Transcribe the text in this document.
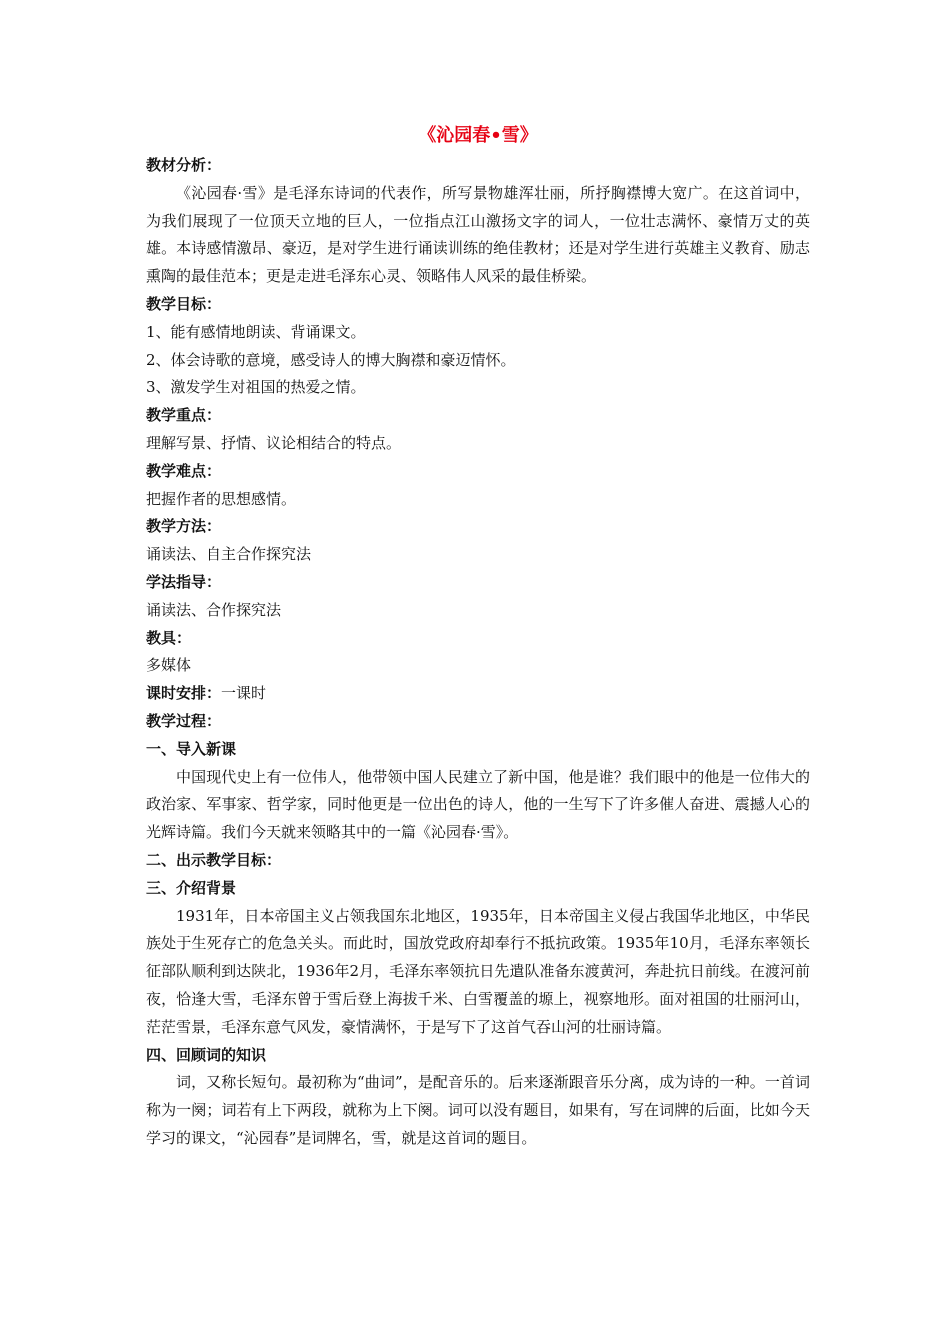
《沁园春•雪》
教材分析：

《沁园春·雪》是毛泽东诗词的代表作，所写景物雄浑壮丽，所抒胸襟博大宽广。在这首词中，为我们展现了一位顶天立地的巨人，一位指点江山激扬文字的词人，一位壮志满怀、豪情万丈的英雄。本诗感情激昂、豪迈，是对学生进行诵读训练的绝佳教材；还是对学生进行英雄主义教育、励志熏陶的最佳范本；更是走进毛泽东心灵、领略伟人风采的最佳桥梁。

教学目标：
1、能有感情地朗读、背诵课文。
2、体会诗歌的意境，感受诗人的博大胸襟和豪迈情怀。
3、激发学生对祖国的热爱之情。
教学重点：
理解写景、抒情、议论相结合的特点。
教学难点：
把握作者的思想感情。
教学方法：
诵读法、自主合作探究法
学法指导：
诵读法、合作探究法
教具：
多媒体
课时安排：一课时
教学过程：
一、导入新课

中国现代史上有一位伟人，他带领中国人民建立了新中国，他是谁？我们眼中的他是一位伟大的政治家、军事家、哲学家，同时他更是一位出色的诗人，他的一生写下了许多催人奋进、震撼人心的光辉诗篇。我们今天就来领略其中的一篇《沁园春·雪》。

二、出示教学目标：
三、介绍背景

1931年，日本帝国主义占领我国东北地区，1935年，日本帝国主义侵占我国华北地区，中华民族处于生死存亡的危急关头。而此时，国放党政府却奉行不抵抗政策。1935年10月，毛泽东率领长征部队顺利到达陕北，1936年2月，毛泽东率领抗日先遣队准备东渡黄河，奔赴抗日前线。在渡河前夜，恰逢大雪，毛泽东曾于雪后登上海拔千米、白雪覆盖的塬上，视察地形。面对祖国的壮丽河山，茫茫雪景，毛泽东意气风发，豪情满怀，于是写下了这首气吞山河的壮丽诗篇。

四、回顾词的知识

词，又称长短句。最初称为“曲词”，是配音乐的。后来逐渐跟音乐分离，成为诗的一种。一首词称为一阕；词若有上下两段，就称为上下阕。词可以没有题目，如果有，写在词牌的后面，比如今天学习的课文，“沁园春”是词牌名，雪，就是这首词的题目。
